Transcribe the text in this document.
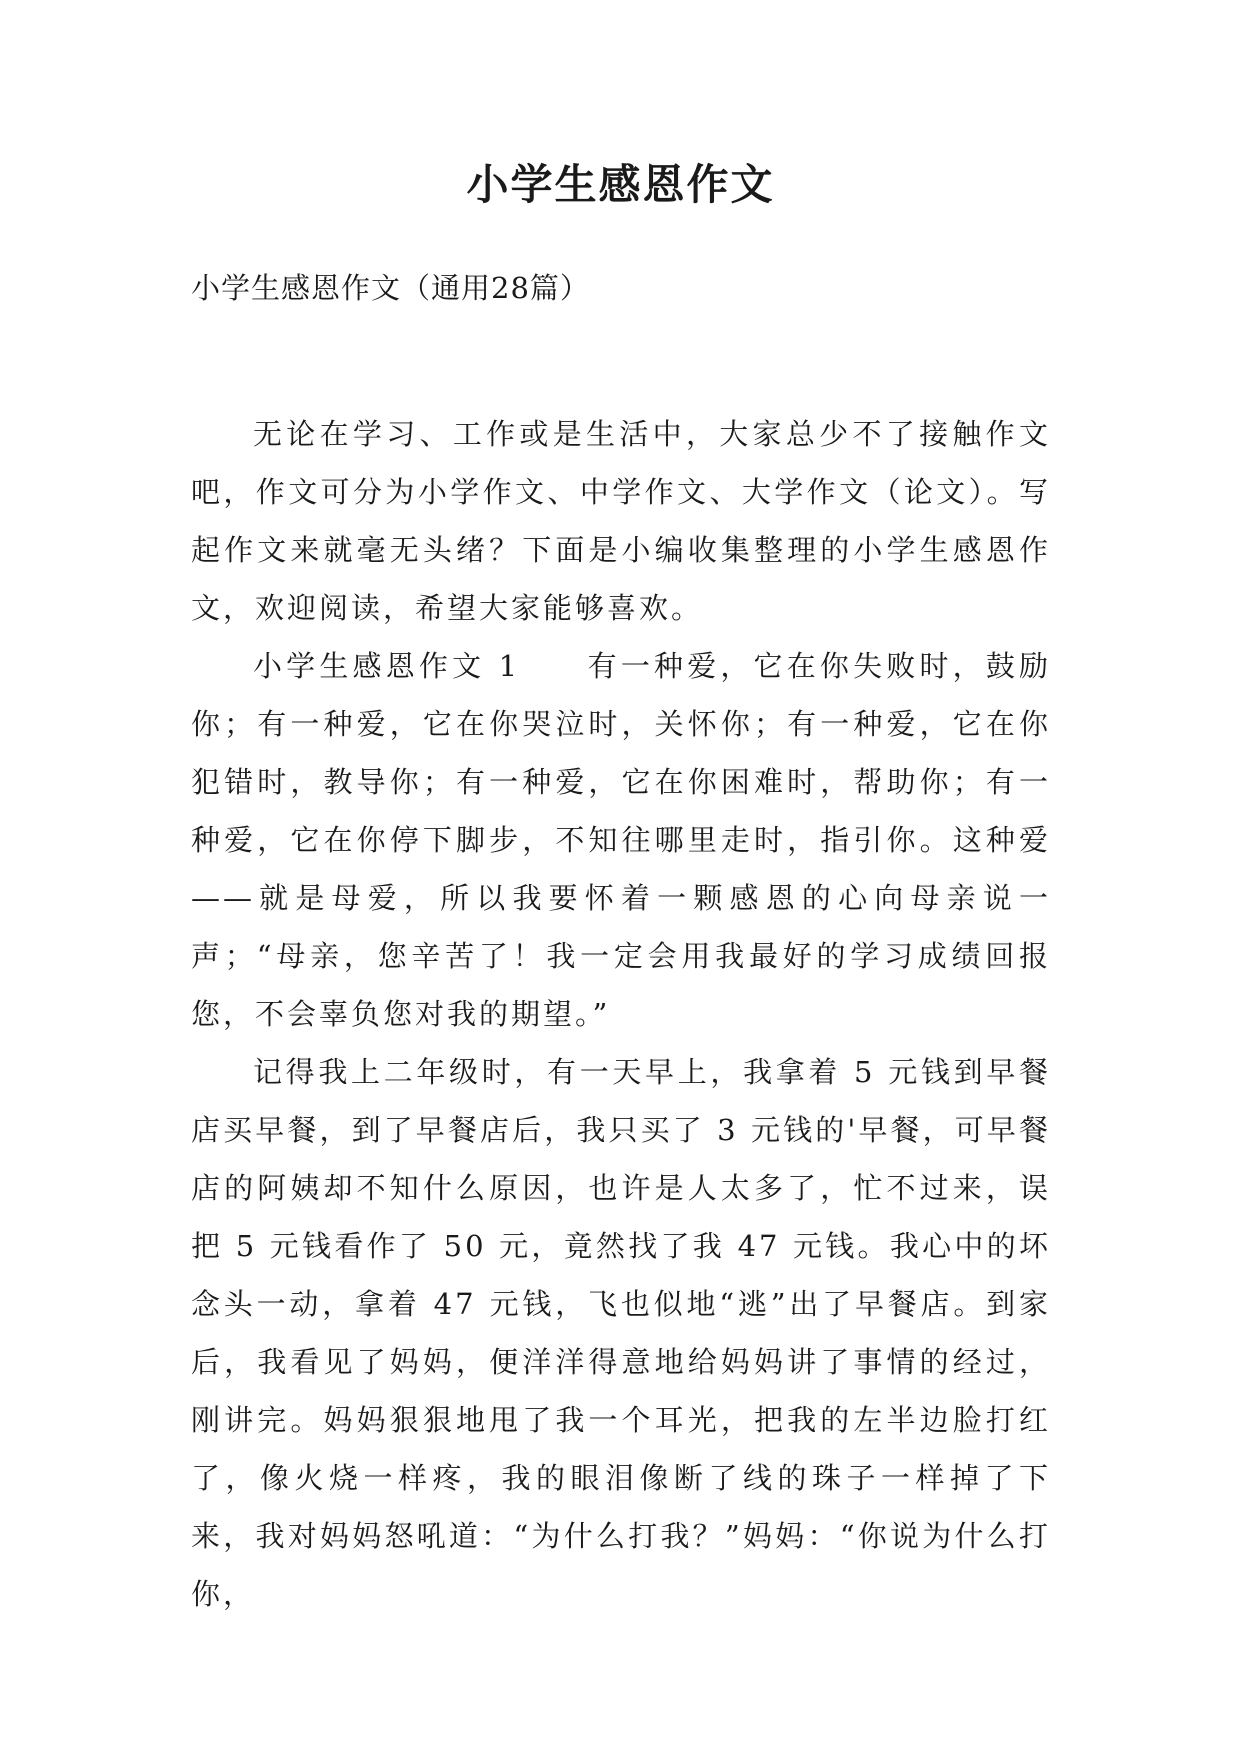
小学生感恩作文

小学生感恩作文（通用28篇）

无论在学习、工作或是生活中，大家总少不了接触作文吧，作文可分为小学作文、中学作文、大学作文（论文）。写起作文来就毫无头绪？下面是小编收集整理的小学生感恩作文，欢迎阅读，希望大家能够喜欢。

小学生感恩作文 1　　有一种爱，它在你失败时，鼓励你；有一种爱，它在你哭泣时，关怀你；有一种爱，它在你犯错时，教导你；有一种爱，它在你困难时，帮助你；有一种爱，它在你停下脚步，不知往哪里走时，指引你。这种爱——就是母爱，所以我要怀着一颗感恩的心向母亲说一声；“母亲，您辛苦了！我一定会用我最好的学习成绩回报您，不会辜负您对我的期望。”

记得我上二年级时，有一天早上，我拿着 5 元钱到早餐店买早餐，到了早餐店后，我只买了 3 元钱的'早餐，可早餐店的阿姨却不知什么原因，也许是人太多了，忙不过来，误把 5 元钱看作了 50 元，竟然找了我 47 元钱。我心中的坏念头一动，拿着 47 元钱，飞也似地“逃”出了早餐店。到家后，我看见了妈妈，便洋洋得意地给妈妈讲了事情的经过，刚讲完。妈妈狠狠地甩了我一个耳光，把我的左半边脸打红了，像火烧一样疼，我的眼泪像断了线的珠子一样掉了下来，我对妈妈怒吼道：“为什么打我？”妈妈：“你说为什么打你，
